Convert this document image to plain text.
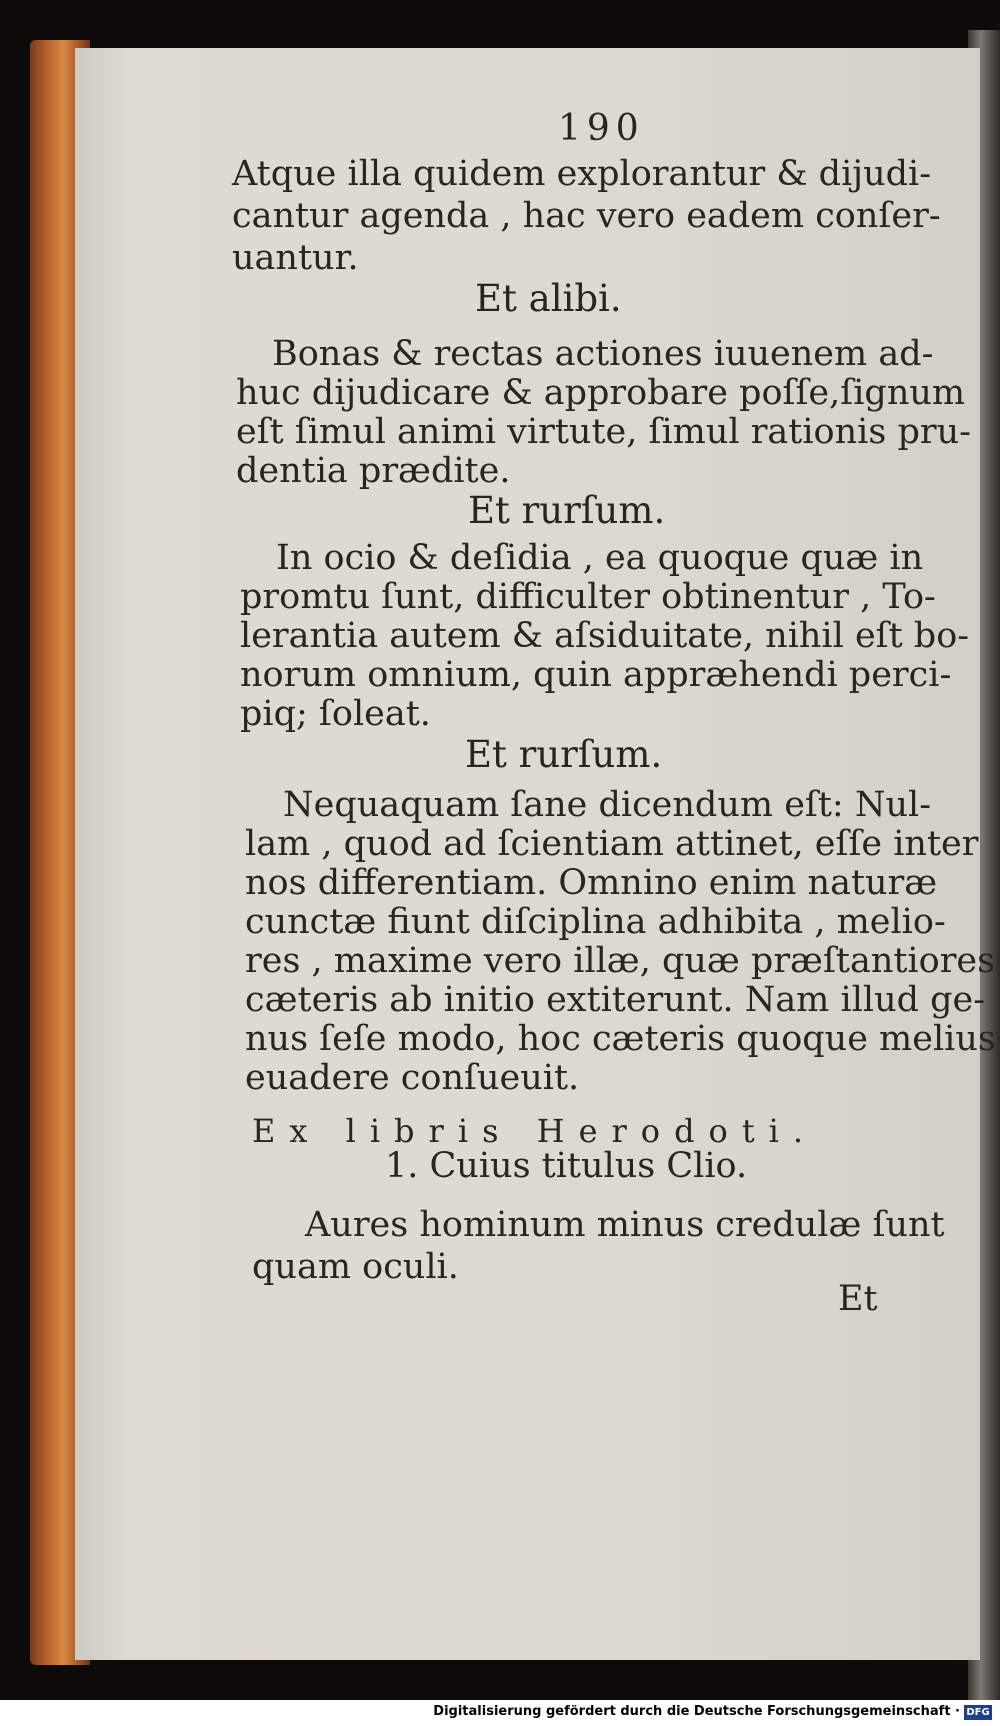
190

Atque illa quidem explorantur & dijudi-

cantur agenda , hac vero eadem conſer-

uantur.

Et alibi.

Bonas & rectas actiones iuuenem ad-

huc dijudicare & approbare poſſe,ſignum

eſt ſimul animi virtute, ſimul rationis pru-

dentia prædite.

Et rurſum.

In ocio & deſidia , ea quoque quæ in

promtu ſunt, difficulter obtinentur , To-

lerantia autem & aſsiduitate, nihil eſt bo-

norum omnium, quin appræhendi perci-

piq; ſoleat.

Et rurſum.

Nequaquam ſane dicendum eſt: Nul-

lam , quod ad ſcientiam attinet, eſſe inter

nos differentiam. Omnino enim naturæ

cunctæ fiunt diſciplina adhibita , melio-

res , maxime vero illæ, quæ præſtantiores

cæteris ab initio extiterunt. Nam illud ge-

nus ſeſe modo, hoc cæteris quoque melius

euadere conſueuit.

Ex libris Herodoti.

1. Cuius titulus Clio.

Aures hominum minus credulæ ſunt

quam oculi.

Et

Digitalisierung gefördert durch die Deutsche Forschungsgemeinschaft · DFG
